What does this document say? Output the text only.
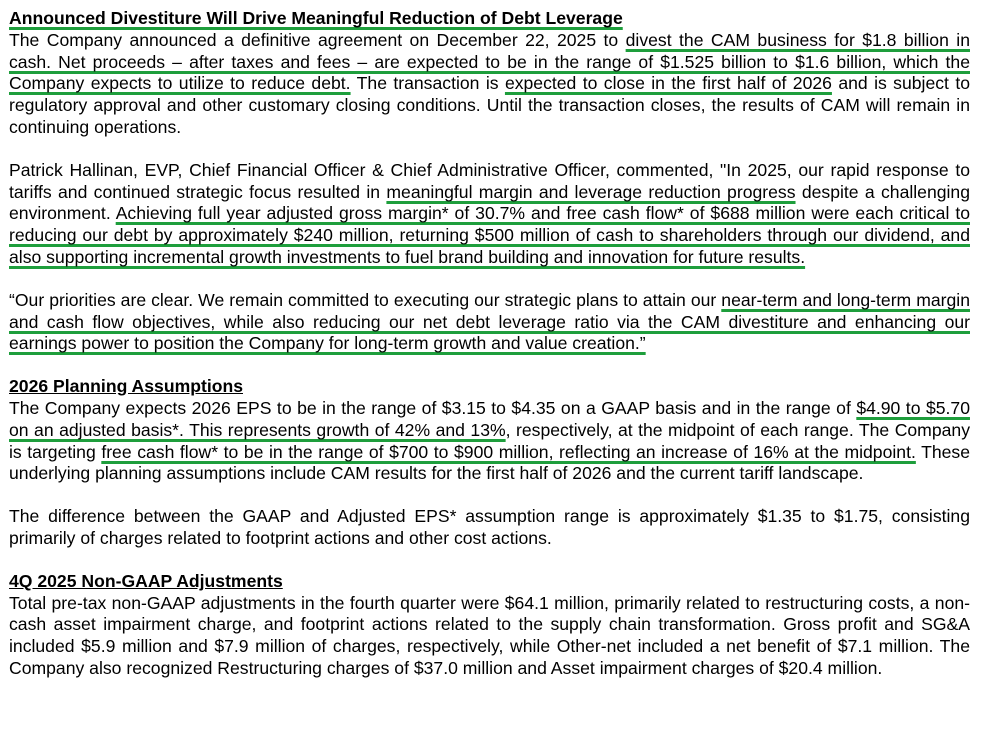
Announced Divestiture Will Drive Meaningful Reduction of Debt Leverage

The Company announced a definitive agreement on December 22, 2025 to divest the CAM business for $1.8 billion in cash. Net proceeds – after taxes and fees – are expected to be in the range of $1.525 billion to $1.6 billion, which the Company expects to utilize to reduce debt. The transaction is expected to close in the first half of 2026 and is subject to regulatory approval and other customary closing conditions. Until the transaction closes, the results of CAM will remain in continuing operations.

Patrick Hallinan, EVP, Chief Financial Officer & Chief Administrative Officer, commented, "In 2025, our rapid response to tariffs and continued strategic focus resulted in meaningful margin and leverage reduction progress despite a challenging environment. Achieving full year adjusted gross margin* of 30.7% and free cash flow* of $688 million were each critical to reducing our debt by approximately $240 million, returning $500 million of cash to shareholders through our dividend, and also supporting incremental growth investments to fuel brand building and innovation for future results.

“Our priorities are clear. We remain committed to executing our strategic plans to attain our near-term and long-term margin and cash flow objectives, while also reducing our net debt leverage ratio via the CAM divestiture and enhancing our earnings power to position the Company for long-term growth and value creation.”

2026 Planning Assumptions

The Company expects 2026 EPS to be in the range of $3.15 to $4.35 on a GAAP basis and in the range of $4.90 to $5.70 on an adjusted basis*. This represents growth of 42% and 13%, respectively, at the midpoint of each range. The Company is targeting free cash flow* to be in the range of $700 to $900 million, reflecting an increase of 16% at the midpoint. These underlying planning assumptions include CAM results for the first half of 2026 and the current tariff landscape.

The difference between the GAAP and Adjusted EPS* assumption range is approximately $1.35 to $1.75, consisting primarily of charges related to footprint actions and other cost actions.

4Q 2025 Non-GAAP Adjustments

Total pre-tax non-GAAP adjustments in the fourth quarter were $64.1 million, primarily related to restructuring costs, a non-cash asset impairment charge, and footprint actions related to the supply chain transformation. Gross profit and SG&A included $5.9 million and $7.9 million of charges, respectively, while Other-net included a net benefit of $7.1 million. The Company also recognized Restructuring charges of $37.0 million and Asset impairment charges of $20.4 million.
